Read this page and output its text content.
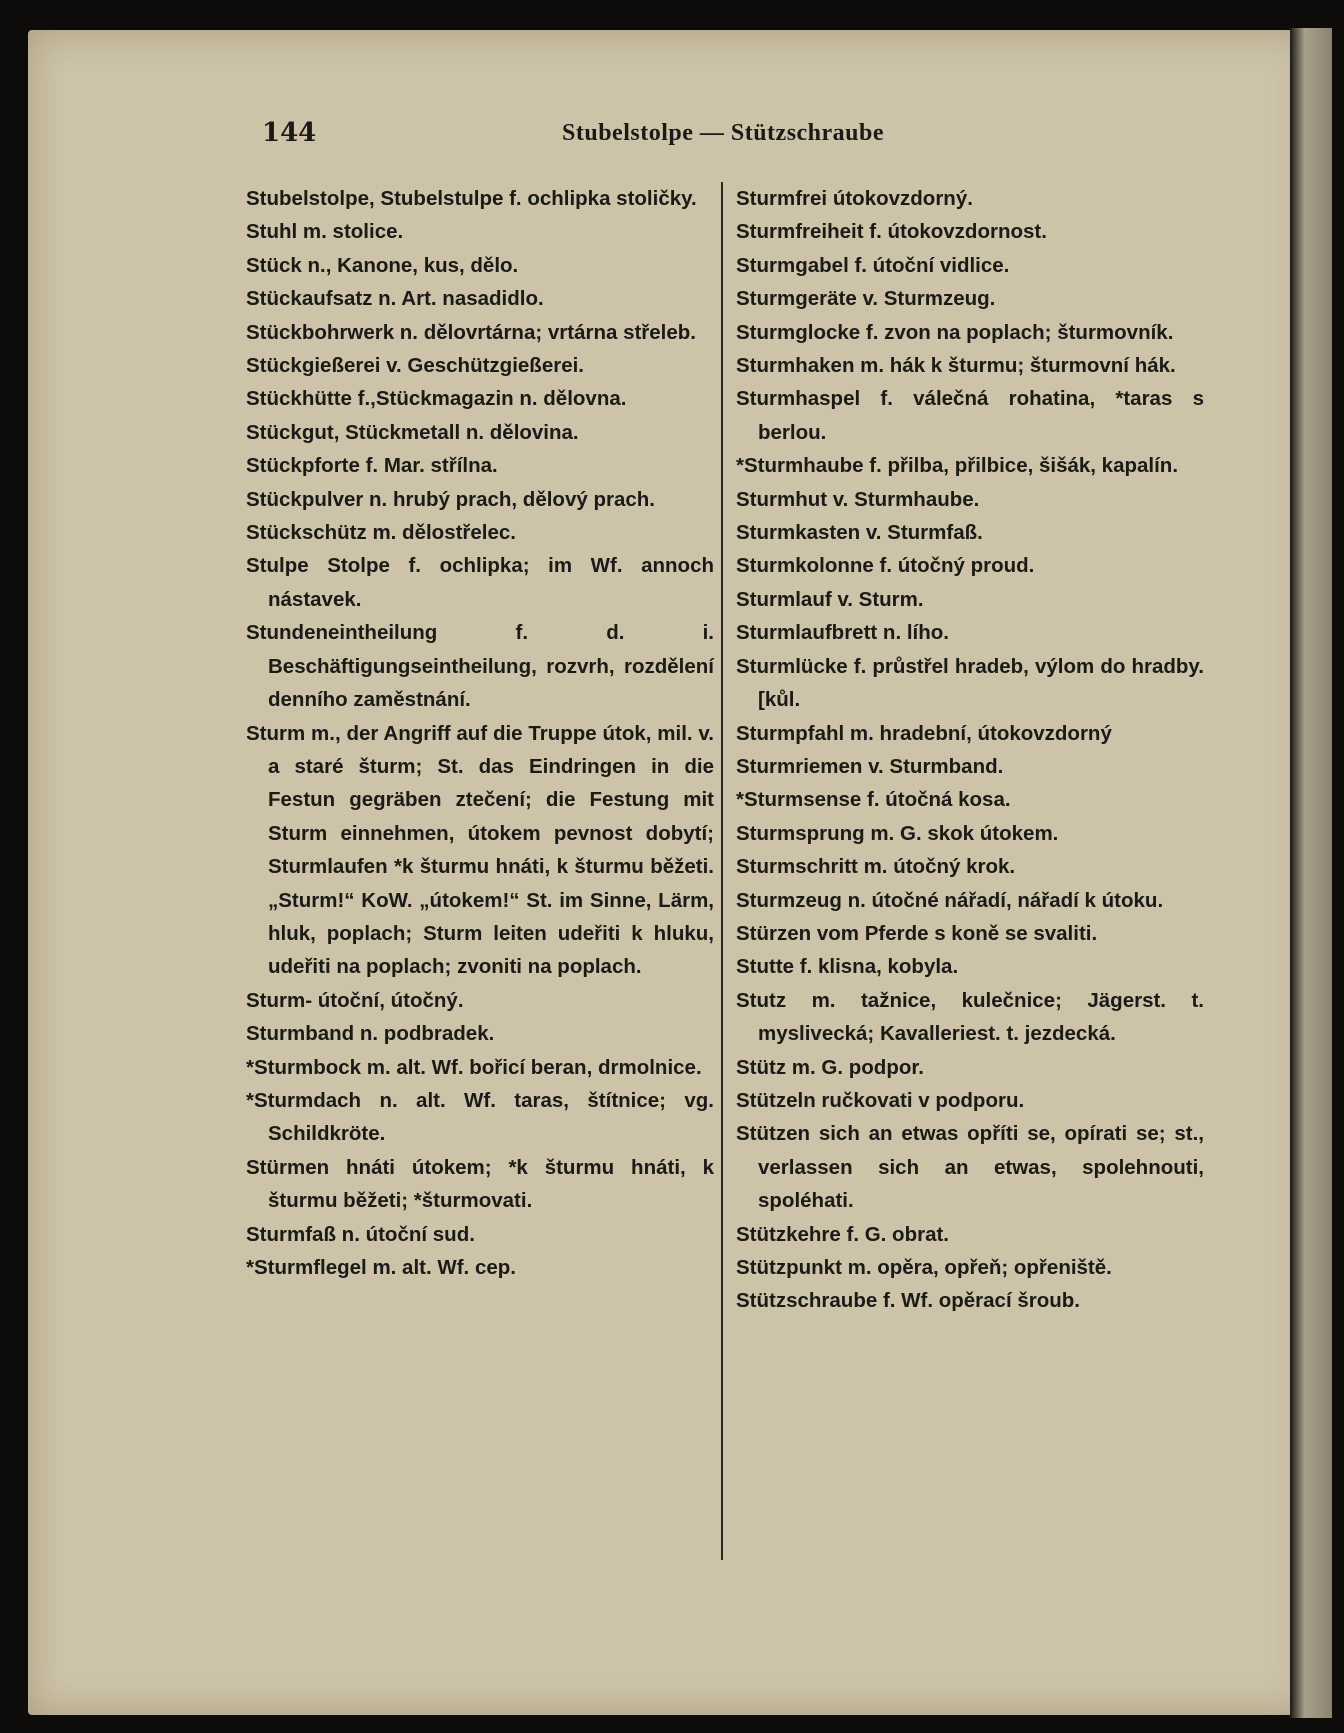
144	Stubelstolpe — Stützschraube

Stubelstolpe, Stubelstulpe f. ochlipka stoličky.

Stuhl m. stolice.

Stück n., Kanone, kus, dělo.

Stückaufsatz n. Art. nasadidlo.

Stückbohrwerk n. dělovrtárna; vrtárna střeleb.

Stückgießerei v. Geschützgießerei.

Stückhütte f.,Stückmagazin n. dělovna.

Stückgut, Stückmetall n. dělovina.

Stückpforte f. Mar. střílna.

Stückpulver n. hrubý prach, dělový prach.

Stückschütz m. dělostřelec.

Stulpe Stolpe f. ochlipka; im Wf. annoch nástavek.

Stundeneintheilung f. d. i. Beschäftigungseintheilung, rozvrh, rozdělení denního zaměstnání.

Sturm m., der Angriff auf die Truppe útok, mil. v. a staré šturm; St. das Eindringen in die Festun gegräben ztečení; die Festung mit Sturm einnehmen, útokem pevnost dobytí; Sturmlaufen *k šturmu hnáti, k šturmu běžeti. „Sturm!“ KoW. „útokem!“ St. im Sinne, Lärm, hluk, poplach; Sturm leiten udeřiti k hluku, udeřiti na poplach; zvoniti na poplach.

Sturm- útoční, útočný.

Sturmband n. podbradek.

*Sturmbock m. alt. Wf. bořicí beran, drmolnice.

*Sturmdach n. alt. Wf. taras, štítnice; vg. Schildkröte.

Stürmen hnáti útokem; *k šturmu hnáti, k šturmu běžeti; *šturmovati.

Sturmfaß n. útoční sud.

*Sturmflegel m. alt. Wf. cep.

Sturmfrei útokovzdorný.

Sturmfreiheit f. útokovzdornost.

Sturmgabel f. útoční vidlice.

Sturmgeräte v. Sturmzeug.

Sturmglocke f. zvon na poplach; šturmovník.

Sturmhaken m. hák k šturmu; šturmovní hák.

Sturmhaspel f. válečná rohatina, *taras s berlou.

*Sturmhaube f. přilba, přilbice, šišák, kapalín.

Sturmhut v. Sturmhaube.

Sturmkasten v. Sturmfaß.

Sturmkolonne f. útočný proud.

Sturmlauf v. Sturm.

Sturmlaufbrett n. lího.

Sturmlücke f. průstřel hradeb, výlom do hradby. [kůl.

Sturmpfahl m. hradební, útokovzdorný

Sturmriemen v. Sturmband.

*Sturmsense f. útočná kosa.

Sturmsprung m. G. skok útokem.

Sturmschritt m. útočný krok.

Sturmzeug n. útočné nářadí, nářadí k útoku.

Stürzen vom Pferde s koně se svaliti.

Stutte f. klisna, kobyla.

Stutz m. tažnice, kulečnice; Jägerst. t. myslivecká; Kavalleriest. t. jezdecká.

Stütz m. G. podpor.

Stützeln ručkovati v podporu.

Stützen sich an etwas opříti se, opírati se; st., verlassen sich an etwas, spolehnouti, spoléhati.

Stützkehre f. G. obrat.

Stützpunkt m. opěra, opřeň; opřeniště.

Stützschraube f. Wf. opěrací šroub.
